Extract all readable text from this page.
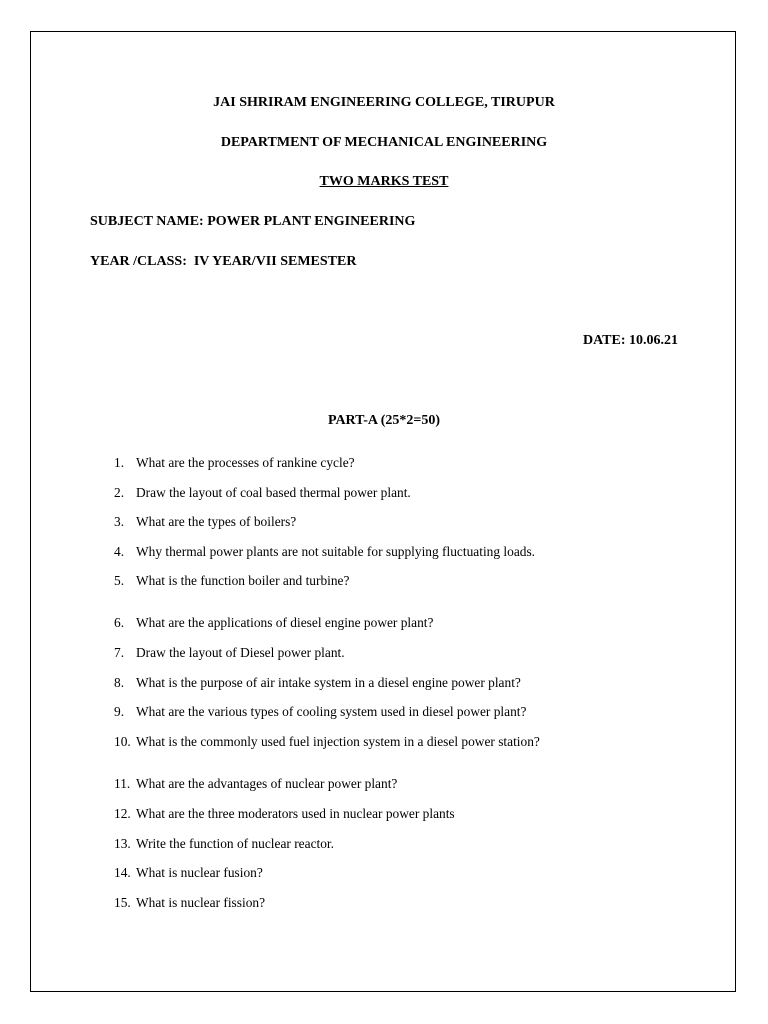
JAI SHRIRAM ENGINEERING COLLEGE, TIRUPUR
DEPARTMENT OF MECHANICAL ENGINEERING
TWO MARKS TEST
SUBJECT NAME: POWER PLANT ENGINEERING
YEAR /CLASS:  IV YEAR/VII SEMESTER
DATE: 10.06.21
PART-A (25*2=50)
1. What are the processes of rankine cycle?
2. Draw the layout of coal based thermal power plant.
3. What are the types of boilers?
4. Why thermal power plants are not suitable for supplying fluctuating loads.
5. What is the function boiler and turbine?
6. What are the applications of diesel engine power plant?
7. Draw the layout of Diesel power plant.
8. What is the purpose of air intake system in a diesel engine power plant?
9. What are the various types of cooling system used in diesel power plant?
10. What is the commonly used fuel injection system in a diesel power station?
11. What are the advantages of nuclear power plant?
12. What are the three moderators used in nuclear power plants
13. Write the function of nuclear reactor.
14. What is nuclear fusion?
15. What is nuclear fission?
